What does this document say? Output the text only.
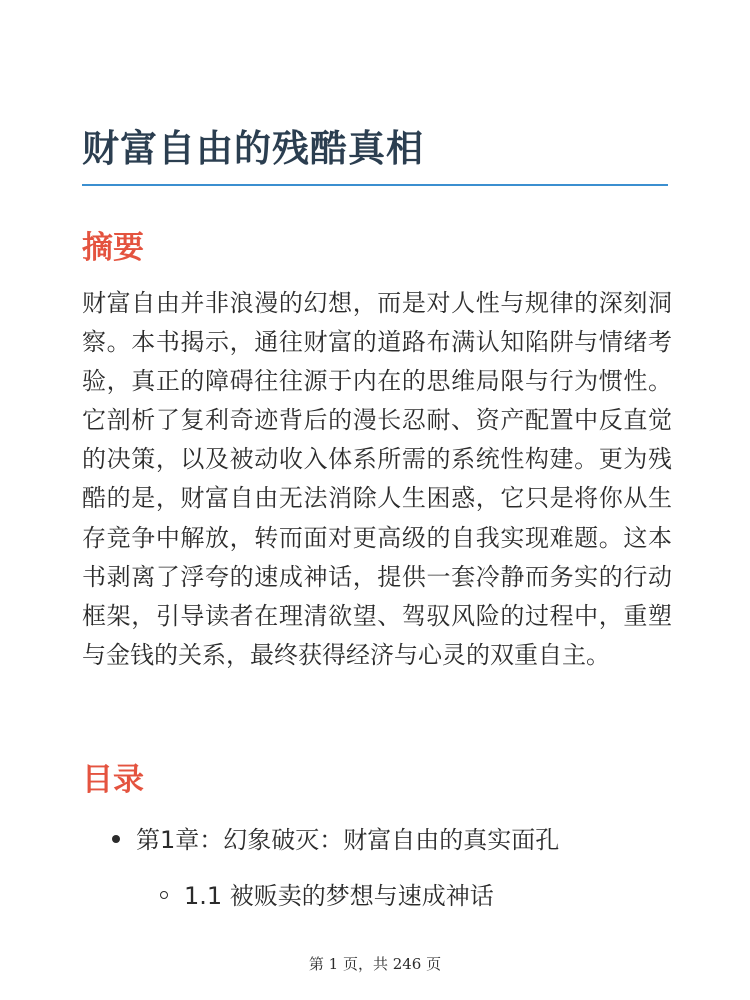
财富自由的残酷真相
摘要

财富自由并非浪漫的幻想，而是对人性与规律的深刻洞察。本书揭示，通往财富的道路布满认知陷阱与情绪考验，真正的障碍往往源于内在的思维局限与行为惯性。它剖析了复利奇迹背后的漫长忍耐、资产配置中反直觉的决策，以及被动收入体系所需的系统性构建。更为残酷的是，财富自由无法消除人生困惑，它只是将你从生存竞争中解放，转而面对更高级的自我实现难题。这本书剥离了浮夸的速成神话，提供一套冷静而务实的行动框架，引导读者在理清欲望、驾驭风险的过程中，重塑与金钱的关系，最终获得经济与心灵的双重自主。

目录
第1章：幻象破灭：财富自由的真实面孔
1.1 被贩卖的梦想与速成神话
第 1 页，共 246 页
